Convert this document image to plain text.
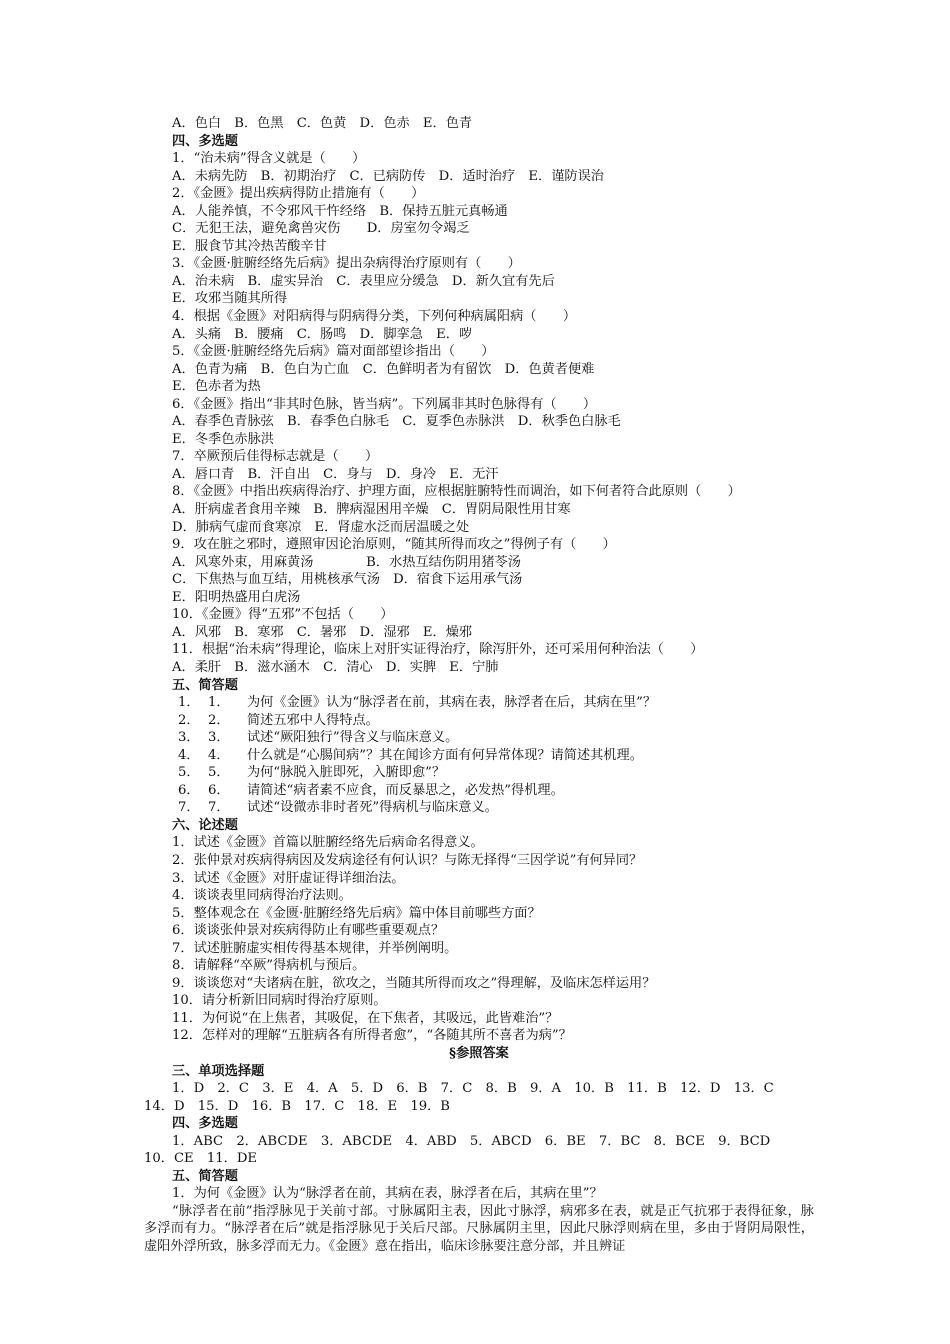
A．色白　B．色黑　C．色黄　D．色赤　E．色青
四、多选题
1．“治未病”得含义就是（　　）
A．未病先防　B．初期治疗　C．已病防传　D．适时治疗　E．谨防误治
2．《金匮》提出疾病得防止措施有（　　）
A．人能养慎，不令邪风干忤经络　B．保持五脏元真畅通
C．无犯王法，避免禽兽灾伤　　D．房室勿令竭乏
E．服食节其冷热苦酸辛甘
3．《金匮·脏腑经络先后病》提出杂病得治疗原则有（　　）
A．治未病　B．虚实异治　C．表里应分缓急　D．新久宜有先后
E．攻邪当随其所得
4．根据《金匮》对阳病得与阴病得分类，下列何种病属阳病（　　）
A．头痛　B．腰痛　C．肠鸣　D．脚挛急　E．哕
5．《金匮·脏腑经络先后病》篇对面部望诊指出（　　）
A．色青为痛　B．色白为亡血　C．色鲜明者为有留饮　D．色黄者便难
E．色赤者为热
6．《金匮》指出“非其时色脉，皆当病”。下列属非其时色脉得有（　　）
A．春季色青脉弦　B．春季色白脉毛　C．夏季色赤脉洪　D．秋季色白脉毛
E．冬季色赤脉洪
7．卒厥预后佳得标志就是（　　）
A．唇口青　B．汗自出　C．身与　D．身冷　E．无汗
8．《金匮》中指出疾病得治疗、护理方面，应根据脏腑特性而调治，如下何者符合此原则（　　）
A．肝病虚者食用辛辣　B．脾病湿困用辛燥　C．胃阴局限性用甘寒
D．肺病气虚而食寒凉　E．肾虚水泛而居温暖之处
9．攻在脏之邪时，遵照审因论治原则，“随其所得而攻之”得例子有（　　）
A．风寒外束，用麻黄汤　　　　B．水热互结伤阴用猪苓汤
C．下焦热与血互结，用桃核承气汤　D．宿食下运用承气汤
E．阳明热盛用白虎汤
10．《金匮》得“五邪”不包括（　　）
A．风邪　B．寒邪　C．暑邪　D．湿邪　E．燥邪
11．根据“治未病”得理论，临床上对肝实证得治疗，除泻肝外，还可采用何种治法（　　）
A．柔肝　B．滋水涵木　C．清心　D．实脾　E．宁肺
五、简答题
1． 1． 为何《金匮》认为“脉浮者在前，其病在表，脉浮者在后，其病在里”？
2． 2． 简述五邪中人得特点。
3． 3． 试述“厥阳独行”得含义与临床意义。
4． 4． 什么就是“心腸间病”？其在闻诊方面有何异常体现？请简述其机理。
5． 5． 为何“脉脱入脏即死，入腑即愈”？
6． 6． 请简述“病者素不应食，而反暴思之，必发热”得机理。
7． 7． 试述“设微赤非时者死”得病机与临床意义。
六、论述题
1．试述《金匮》首篇以脏腑经络先后病命名得意义。
2．张仲景对疾病得病因及发病途径有何认识？与陈无择得“三因学说”有何异同？
3．试述《金匮》对肝虚证得详细治法。
4．谈谈表里同病得治疗法则。
5．整体观念在《金匮·脏腑经络先后病》篇中体目前哪些方面？
6．谈谈张仲景对疾病得防止有哪些重要观点？
7．试述脏腑虚实相传得基本规律，并举例阐明。
8．请解释“卒厥”得病机与预后。
9．谈谈您对“夫诸病在脏，欲攻之，当随其所得而攻之”得理解，及临床怎样运用？
10．请分析新旧同病时得治疗原则。
11．为何说“在上焦者，其吸促，在下焦者，其吸远，此皆难治”？
12．怎样对的理解“五脏病各有所得者愈”，“各随其所不喜者为病”？
§参照答案
三、单项选择题
1．D　2．C　3．E　4．A　5．D　6．B　7．C　8．B　9．A　10．B　11．B　12．D　13．C
14．D　15．D　16．B　17．C　18．E　19．B
四、多选题
1．ABC　2．ABCDE　3．ABCDE　4．ABD　5．ABCD　6．BE　7．BC　8．BCE　9．BCD
10．CE　11．DE
五、简答题
1．为何《金匮》认为“脉浮者在前，其病在表，脉浮者在后，其病在里”？
“脉浮者在前”指浮脉见于关前寸部。寸脉属阳主表，因此寸脉浮，病邪多在表，就是正气抗邪于表得征象，脉多浮而有力。“脉浮者在后”就是指浮脉见于关后尺部。尺脉属阴主里，因此尺脉浮则病在里，多由于肾阴局限性，虚阳外浮所致，脉多浮而无力。《金匮》意在指出，临床诊脉要注意分部，并且辨证
